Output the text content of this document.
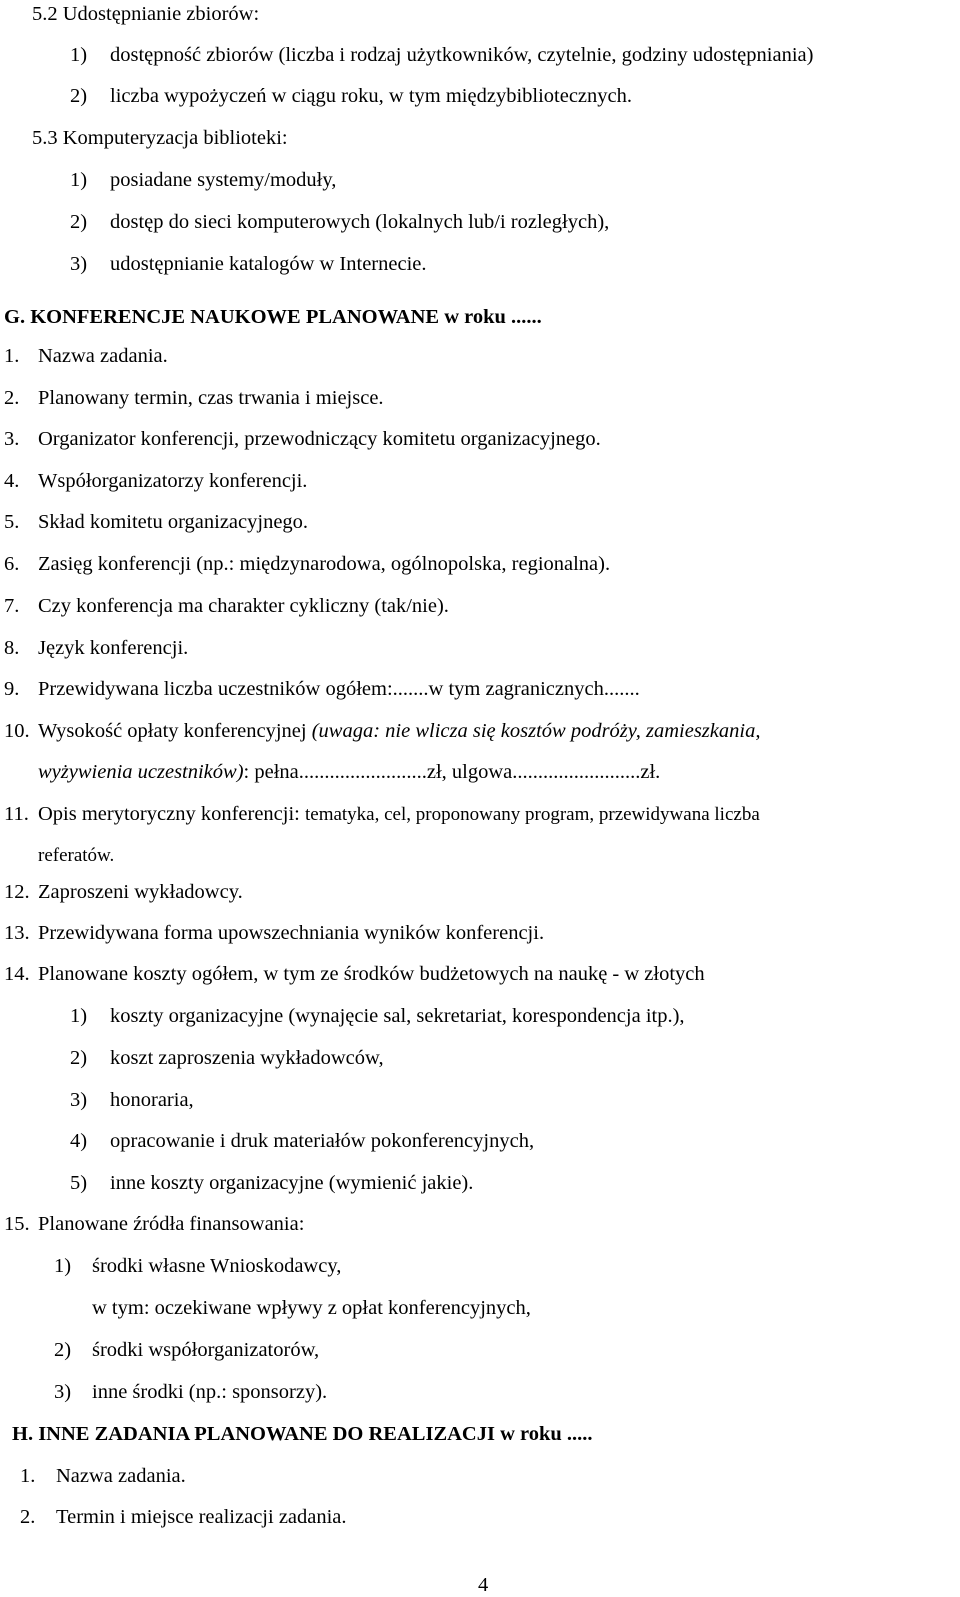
5.2 Udostępnianie zbiorów:
1) dostępność zbiorów (liczba i rodzaj użytkowników, czytelnie, godziny udostępniania)
2) liczba wypożyczeń w ciągu roku, w tym międzybibliotecznych.
5.3 Komputeryzacja biblioteki:
1) posiadane systemy/moduły,
2) dostęp do sieci komputerowych (lokalnych lub/i rozległych),
3) udostępnianie katalogów w Internecie.
G. KONFERENCJE NAUKOWE PLANOWANE w roku ......
1. Nazwa zadania.
2. Planowany termin, czas trwania i miejsce.
3. Organizator konferencji, przewodniczący komitetu organizacyjnego.
4. Współorganizatorzy konferencji.
5. Skład komitetu organizacyjnego.
6. Zasięg konferencji (np.: międzynarodowa, ogólnopolska, regionalna).
7. Czy konferencja ma charakter cykliczny (tak/nie).
8. Język konferencji.
9. Przewidywana liczba uczestników ogółem:.......w tym zagranicznych.......
10. Wysokość opłaty konferencyjnej (uwaga: nie wlicza się kosztów podróży, zamieszkania,
wyżywienia uczestników): pełna.........................zł, ulgowa.........................zł.
11. Opis merytoryczny konferencji: tematyka, cel, proponowany program, przewidywana liczba
referatów.
12. Zaproszeni wykładowcy.
13. Przewidywana forma upowszechniania wyników konferencji.
14. Planowane koszty ogółem, w tym ze środków budżetowych na naukę - w złotych
1) koszty organizacyjne (wynajęcie sal, sekretariat, korespondencja itp.),
2) koszt zaproszenia wykładowców,
3) honoraria,
4) opracowanie i druk materiałów pokonferencyjnych,
5) inne koszty organizacyjne (wymienić jakie).
15. Planowane źródła finansowania:
1) środki własne Wnioskodawcy,
w tym: oczekiwane wpływy z opłat konferencyjnych,
2) środki współorganizatorów,
3) inne środki (np.: sponsorzy).
H. INNE ZADANIA PLANOWANE DO REALIZACJI w roku .....
1. Nazwa zadania.
2. Termin i miejsce realizacji zadania.
4
